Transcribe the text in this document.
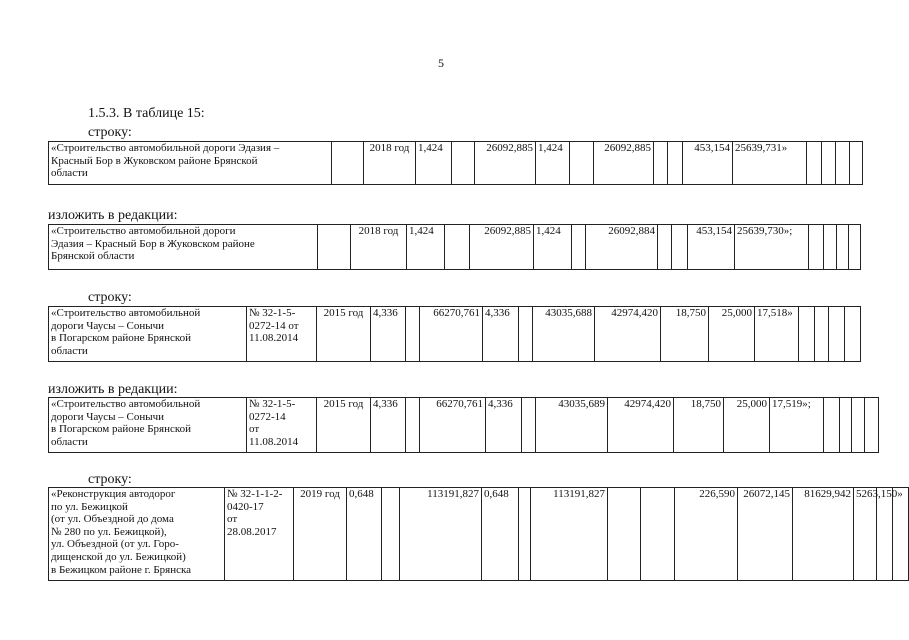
5
1.5.3. В таблице 15:
строку:
«Строительство автомобильной дороги Эдазия –
Красный Бор в Жуковском районе Брянской
области		2018 год	1,424		26092,885	1,424		26092,885			453,154	25639,731»				
изложить в редакции:
«Строительство автомобильной дороги
Эдазия – Красный Бор в Жуковском районе
Брянской области		2018 год	1,424		26092,885	1,424		26092,884			453,154	25639,730»;				
строку:
«Строительство автомобильной
дороги Чаусы – Сонычи
в Погарском районе Брянской
области	№ 32-1-5-
0272-14 от
11.08.2014	2015 год	4,336		66270,761	4,336		43035,688	42974,420	18,750	25,000	17,518»				
изложить в редакции:
«Строительство автомобильной
дороги Чаусы – Сонычи
в Погарском районе Брянской
области	№ 32-1-5-
0272-14
от
11.08.2014	2015 год	4,336		66270,761	4,336		43035,689	42974,420	18,750	25,000	17,519»;				
строку:
«Реконструкция автодорог
по ул. Бежицкой
(от ул. Объездной до дома
№ 280 по ул. Бежицкой),
ул. Объездной (от ул. Горо-
дищенской до ул. Бежицкой)
в Бежицком районе г. Брянска	№ 32-1-1-2-
0420-17
от
28.08.2017	2019 год	0,648		113191,827	0,648		113191,827			226,590	26072,145	81629,942	5263,150»		
